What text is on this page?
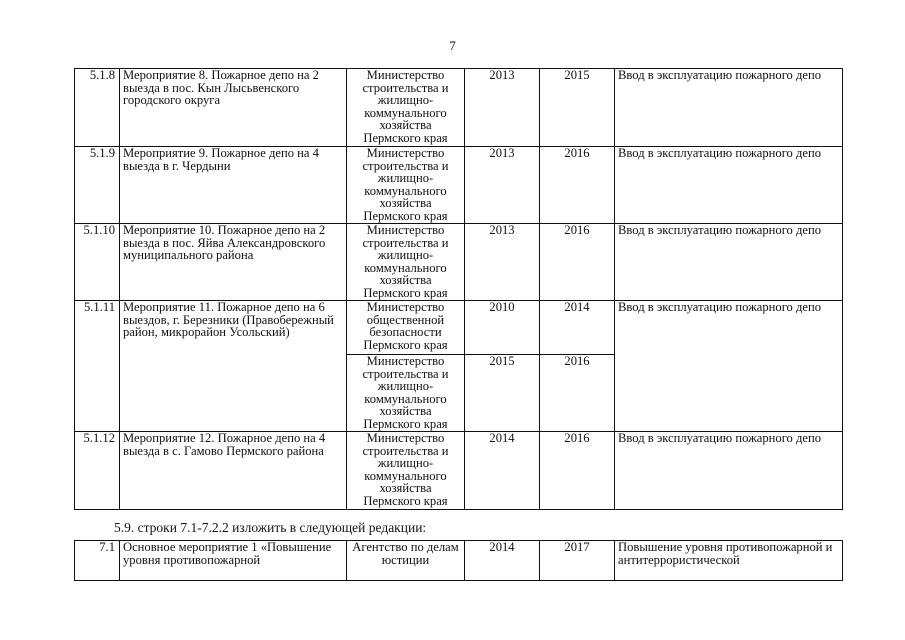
7
5.1.8	Мероприятие 8. Пожарное депо на 2 выезда в пос. Кын Лысьвенского городского округа	Министерство строительства и жилищно-коммунального хозяйства Пермского края	2013	2015	Ввод в эксплуатацию пожарного депо
5.1.9	Мероприятие 9. Пожарное депо на 4 выезда в г. Чердыни	Министерство строительства и жилищно-коммунального хозяйства Пермского края	2013	2016	Ввод в эксплуатацию пожарного депо
5.1.10	Мероприятие 10. Пожарное депо на 2 выезда в пос. Яйва Александровского муниципального района	Министерство строительства и жилищно-коммунального хозяйства Пермского края	2013	2016	Ввод в эксплуатацию пожарного депо
5.1.11	Мероприятие 11. Пожарное депо на 6 выездов, г. Березники (Правобережный район, микрорайон Усольский)	Министерство общественной безопасности Пермского края	2010	2014	Ввод в эксплуатацию пожарного депо
		Министерство строительства и жилищно-коммунального хозяйства Пермского края	2015	2016	
5.1.12	Мероприятие 12. Пожарное депо на 4 выезда в с. Гамово Пермского района	Министерство строительства и жилищно-коммунального хозяйства Пермского края	2014	2016	Ввод в эксплуатацию пожарного депо
5.9. строки 7.1-7.2.2 изложить в следующей редакции:
7.1	Основное мероприятие 1 «Повышение уровня противопожарной	Агентство по делам юстиции	2014	2017	Повышение уровня противопожарной и антитеррористической
